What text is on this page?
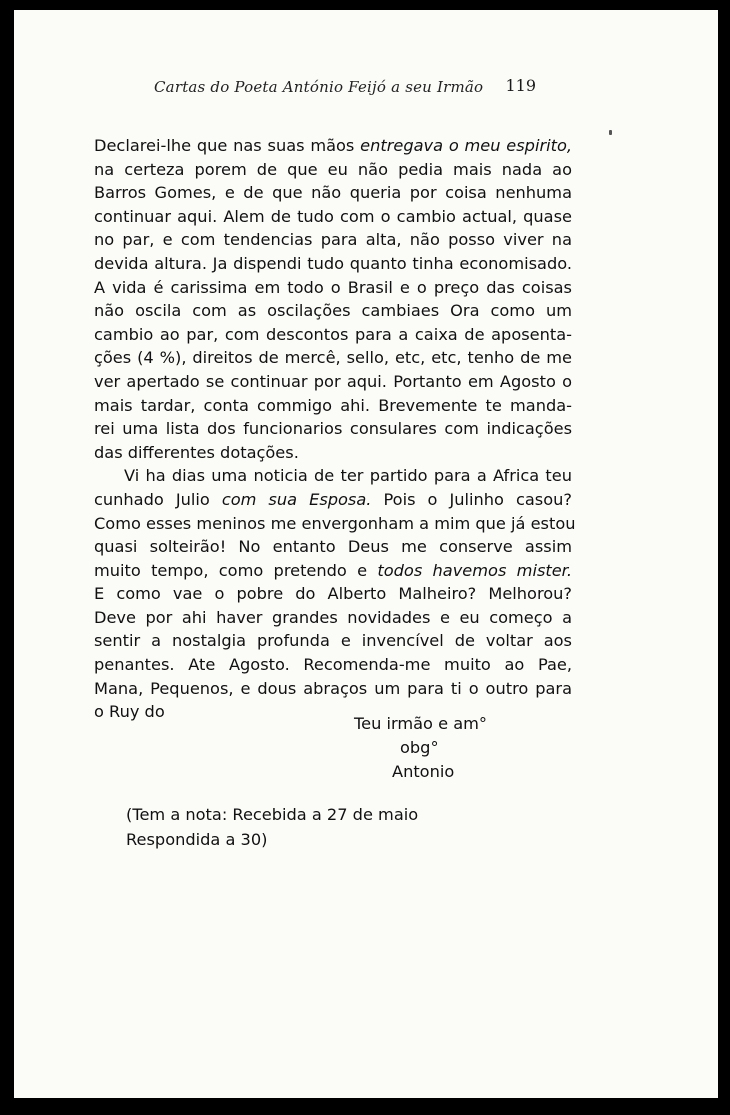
Cartas do Poeta António Feijó a seu Irmão 119
Declarei-lhe que nas suas mãos entregava o meu espirito,
na certeza porem de que eu não pedia mais nada ao
Barros Gomes, e de que não queria por coisa nenhuma
continuar aqui. Alem de tudo com o cambio actual, quase
no par, e com tendencias para alta, não posso viver na
devida altura. Ja dispendi tudo quanto tinha economisado.
A vida é carissima em todo o Brasil e o preço das coisas
não oscila com as oscilações cambiaes Ora como um
cambio ao par, com descontos para a caixa de aposenta-
ções (4 %), direitos de mercê, sello, etc, etc, tenho de me
ver apertado se continuar por aqui. Portanto em Agosto o
mais tardar, conta commigo ahi. Brevemente te manda-
rei uma lista dos funcionarios consulares com indicações
das differentes dotações.
Vi ha dias uma noticia de ter partido para a Africa teu
cunhado Julio com sua Esposa. Pois o Julinho casou?
Como esses meninos me envergonham a mim que já estou
quasi solteirão! No entanto Deus me conserve assim
muito tempo, como pretendo e todos havemos mister.
E como vae o pobre do Alberto Malheiro? Melhorou?
Deve por ahi haver grandes novidades e eu começo a
sentir a nostalgia profunda e invencível de voltar aos
penantes. Ate Agosto. Recomenda-me muito ao Pae,
Mana, Pequenos, e dous abraços um para ti o outro para
o Ruy do
Teu irmão e am°
obg°
Antonio
(Tem a nota: Recebida a 27 de maio
Respondida a 30)
